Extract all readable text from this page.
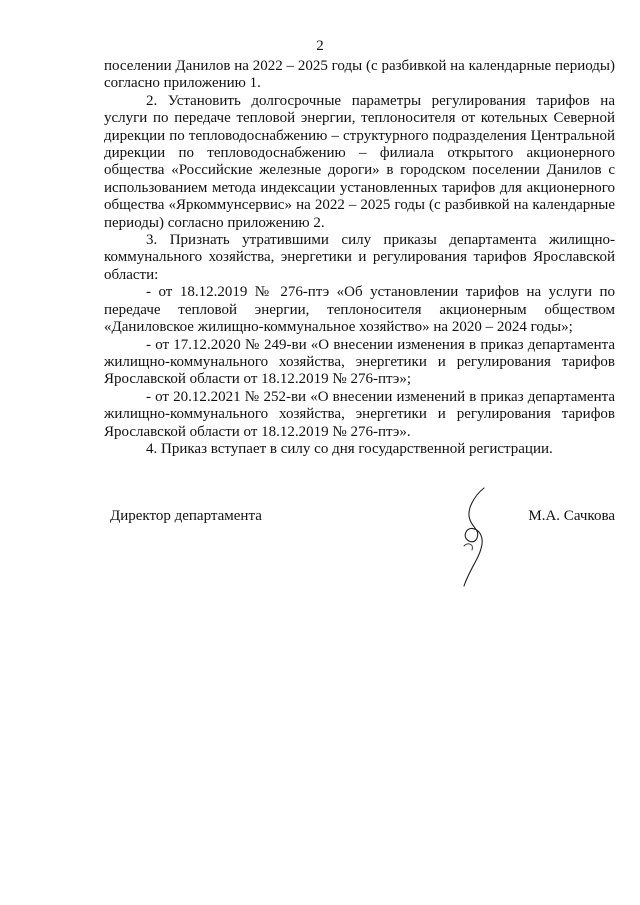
2

поселении Данилов на 2022 – 2025 годы (с разбивкой на календарные периоды) согласно приложению 1.

2. Установить долгосрочные параметры регулирования тарифов на услуги по передаче тепловой энергии, теплоносителя от котельных Северной дирекции по тепловодоснабжению – структурного подразделения Центральной дирекции по тепловодоснабжению – филиала открытого акционерного общества «Российские железные дороги» в городском поселении Данилов с использованием метода индексации установленных тарифов для акционерного общества «Яркоммунсервис» на 2022 – 2025 годы (с разбивкой на календарные периоды) согласно приложению 2.

3. Признать утратившими силу приказы департамента жилищно-коммунального хозяйства, энергетики и регулирования тарифов Ярославской области:

- от 18.12.2019 № 276-птэ «Об установлении тарифов на услуги по передаче тепловой энергии, теплоносителя акционерным обществом «Даниловское жилищно-коммунальное хозяйство» на 2020 – 2024 годы»;

- от 17.12.2020 № 249-ви «О внесении изменения в приказ департамента жилищно-коммунального хозяйства, энергетики и регулирования тарифов Ярославской области от 18.12.2019 № 276-птэ»;

- от 20.12.2021 № 252-ви «О внесении изменений в приказ департамента жилищно-коммунального хозяйства, энергетики и регулирования тарифов Ярославской области от 18.12.2019 № 276-птэ».

4. Приказ вступает в силу со дня государственной регистрации.

Директор департамента	М.А. Сачкова
